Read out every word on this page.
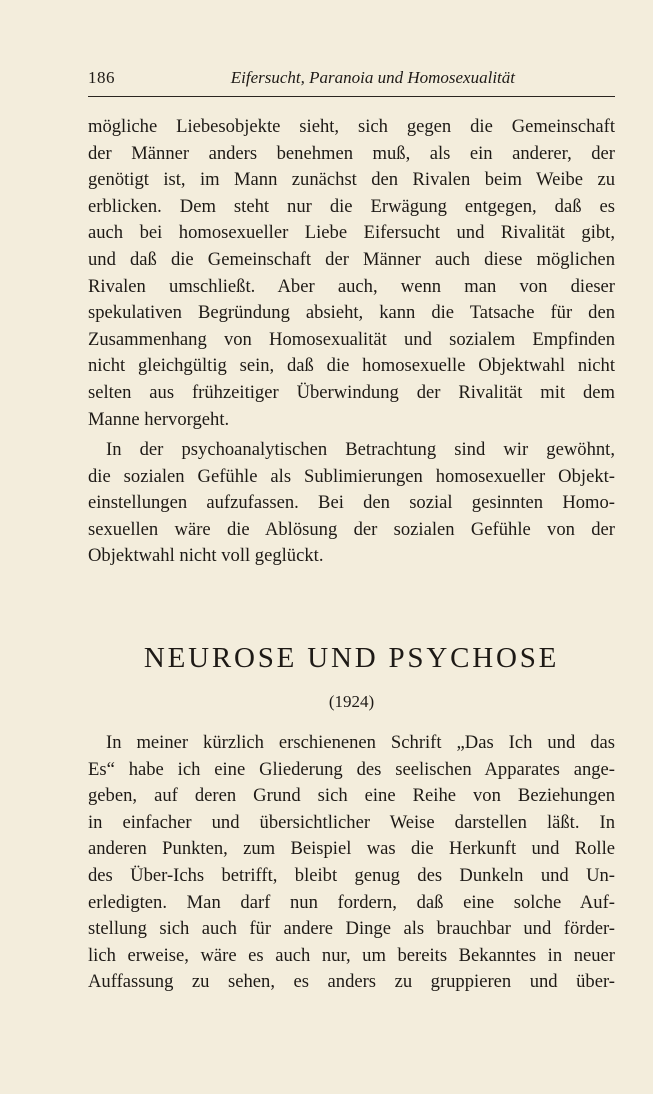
186	Eifersucht, Paranoia und Homosexualität
mögliche Liebesobjekte sieht, sich gegen die Gemeinschaft
der Männer anders benehmen muß, als ein anderer, der
genötigt ist, im Mann zunächst den Rivalen beim Weibe zu
erblicken. Dem steht nur die Erwägung entgegen, daß es
auch bei homosexueller Liebe Eifersucht und Rivalität gibt,
und daß die Gemeinschaft der Männer auch diese möglichen
Rivalen umschließt. Aber auch, wenn man von dieser
spekulativen Begründung absieht, kann die Tatsache für den
Zusammenhang von Homosexualität und sozialem Empfinden
nicht gleichgültig sein, daß die homosexuelle Objektwahl nicht
selten aus frühzeitiger Überwindung der Rivalität mit dem
Manne hervorgeht.
In der psychoanalytischen Betrachtung sind wir gewöhnt,
die sozialen Gefühle als Sublimierungen homosexueller Objekt-
einstellungen aufzufassen. Bei den sozial gesinnten Homo-
sexuellen wäre die Ablösung der sozialen Gefühle von der
Objektwahl nicht voll geglückt.
NEUROSE UND PSYCHOSE
(1924)
In meiner kürzlich erschienenen Schrift „Das Ich und das
Es“ habe ich eine Gliederung des seelischen Apparates ange-
geben, auf deren Grund sich eine Reihe von Beziehungen
in einfacher und übersichtlicher Weise darstellen läßt. In
anderen Punkten, zum Beispiel was die Herkunft und Rolle
des Über-Ichs betrifft, bleibt genug des Dunkeln und Un-
erledigten. Man darf nun fordern, daß eine solche Auf-
stellung sich auch für andere Dinge als brauchbar und förder-
lich erweise, wäre es auch nur, um bereits Bekanntes in neuer
Auffassung zu sehen, es anders zu gruppieren und über-
